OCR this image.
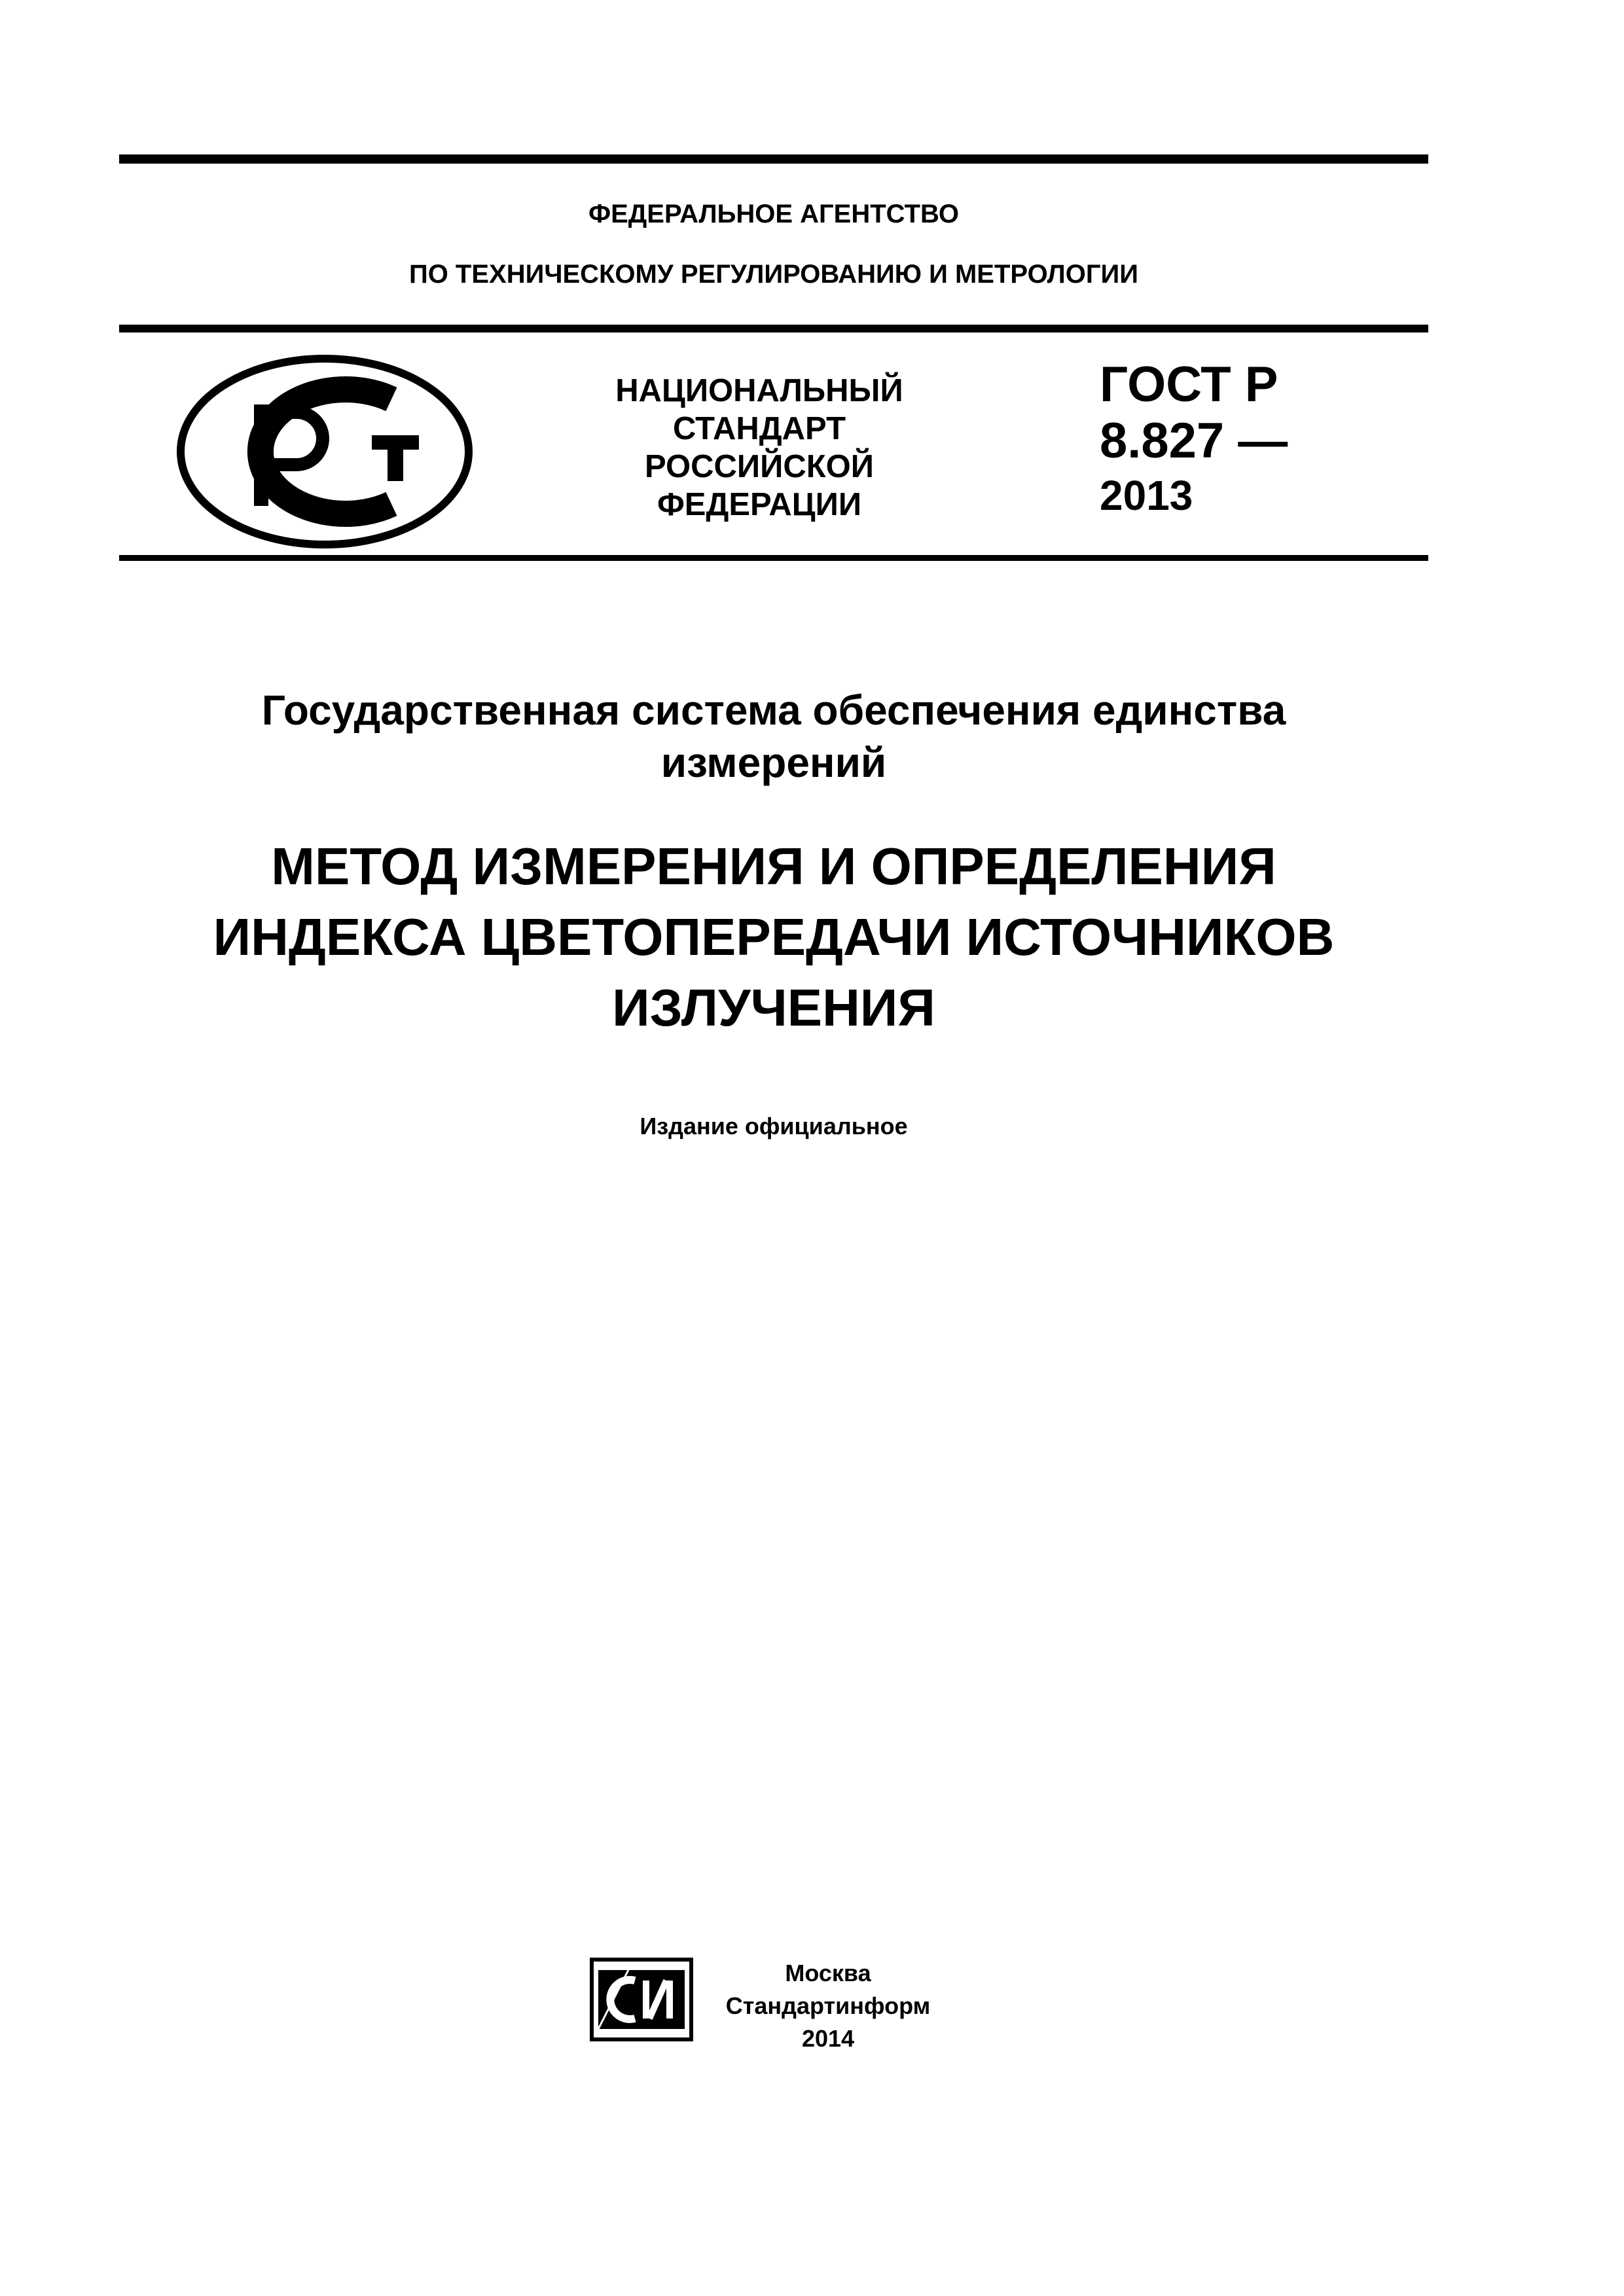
ФЕДЕРАЛЬНОЕ АГЕНТСТВО
ПО ТЕХНИЧЕСКОМУ РЕГУЛИРОВАНИЮ И МЕТРОЛОГИИ
НАЦИОНАЛЬНЫЙ
СТАНДАРТ
РОССИЙСКОЙ
ФЕДЕРАЦИИ
ГОСТ Р
8.827 —
2013
Государственная система обеспечения единства
измерений
МЕТОД ИЗМЕРЕНИЯ И ОПРЕДЕЛЕНИЯ
ИНДЕКСА ЦВЕТОПЕРЕДАЧИ ИСТОЧНИКОВ
ИЗЛУЧЕНИЯ
Издание официальное
Москва
Стандартинформ
2014
